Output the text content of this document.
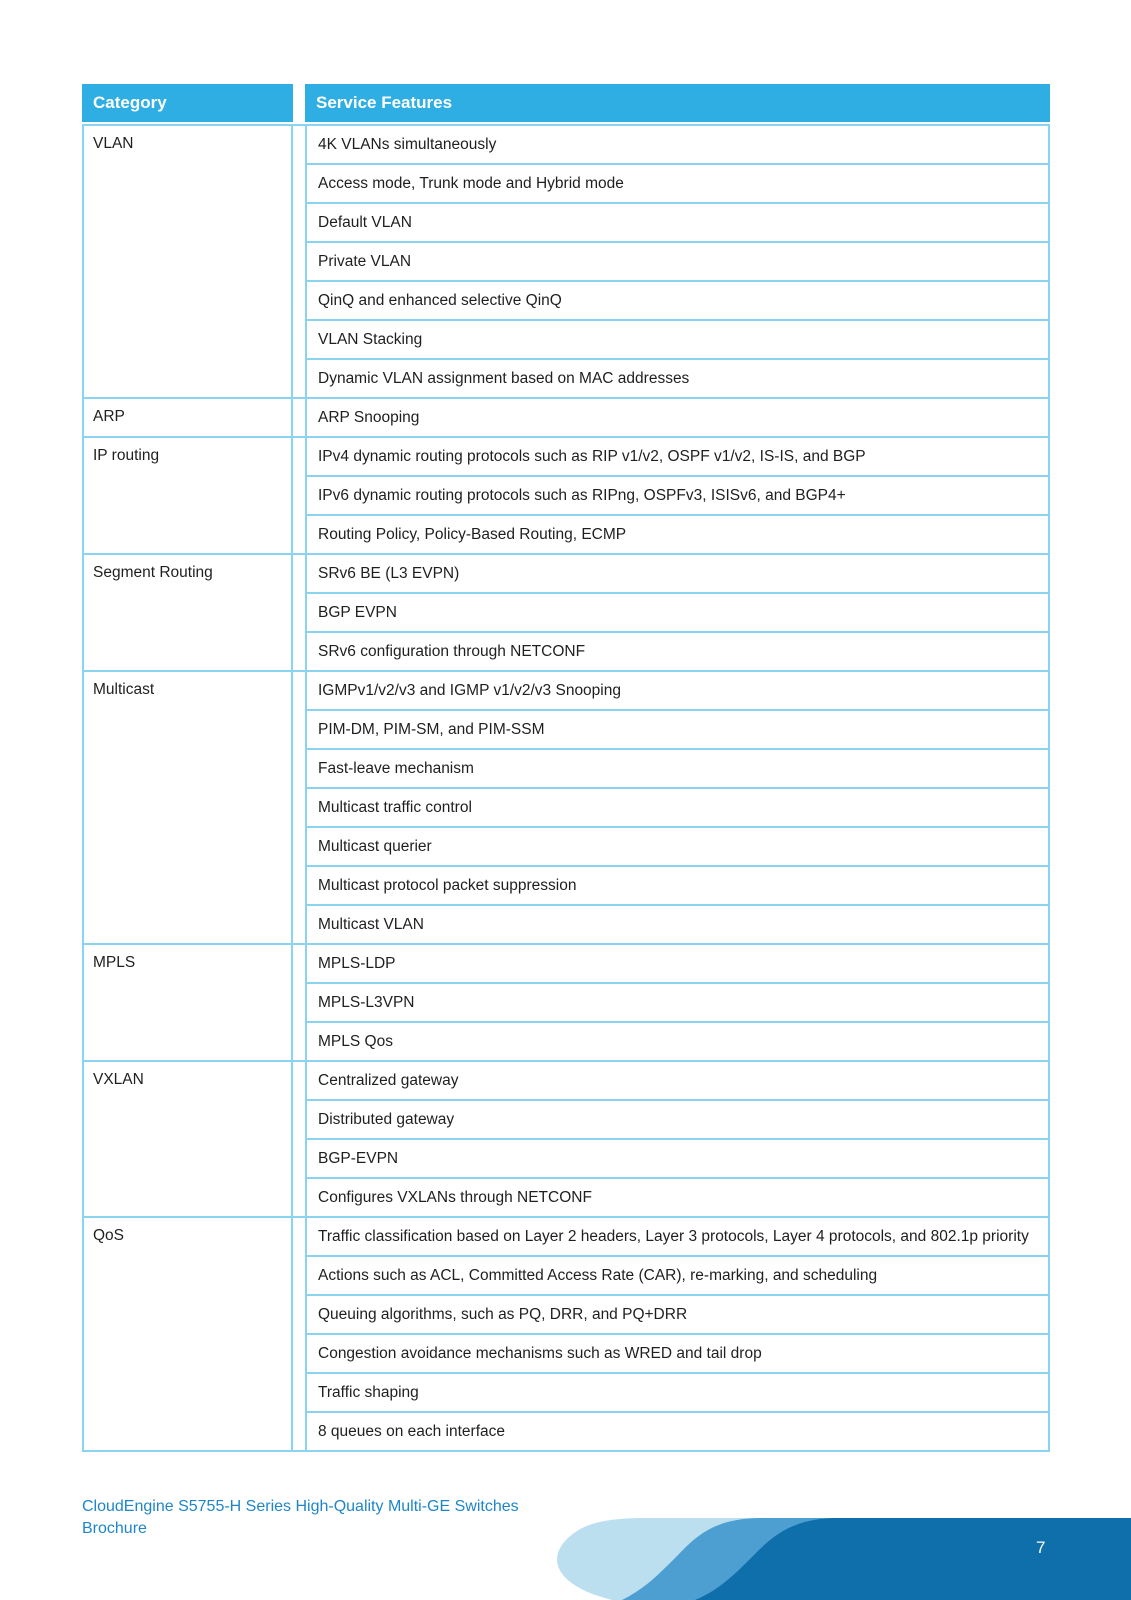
Category	Service Features
VLAN	4K VLANs simultaneously
Access mode, Trunk mode and Hybrid mode
Default VLAN
Private VLAN
QinQ and enhanced selective QinQ
VLAN Stacking
Dynamic VLAN assignment based on MAC addresses
ARP	ARP Snooping
IP routing	IPv4 dynamic routing protocols such as RIP v1/v2, OSPF v1/v2, IS-IS, and BGP
IPv6 dynamic routing protocols such as RIPng, OSPFv3, ISISv6, and BGP4+
Routing Policy, Policy-Based Routing, ECMP
Segment Routing	SRv6 BE (L3 EVPN)
BGP EVPN
SRv6 configuration through NETCONF
Multicast	IGMPv1/v2/v3 and IGMP v1/v2/v3 Snooping
PIM-DM, PIM-SM, and PIM-SSM
Fast-leave mechanism
Multicast traffic control
Multicast querier
Multicast protocol packet suppression
Multicast VLAN
MPLS	MPLS-LDP
MPLS-L3VPN
MPLS Qos
VXLAN	Centralized gateway
Distributed gateway
BGP-EVPN
Configures VXLANs through NETCONF
QoS	Traffic classification based on Layer 2 headers, Layer 3 protocols, Layer 4 protocols, and 802.1p priority
Actions such as ACL, Committed Access Rate (CAR), re-marking, and scheduling
Queuing algorithms, such as PQ, DRR, and PQ+DRR
Congestion avoidance mechanisms such as WRED and tail drop
Traffic shaping
8 queues on each interface
CloudEngine S5755-H Series High-Quality Multi-GE Switches
Brochure
7
